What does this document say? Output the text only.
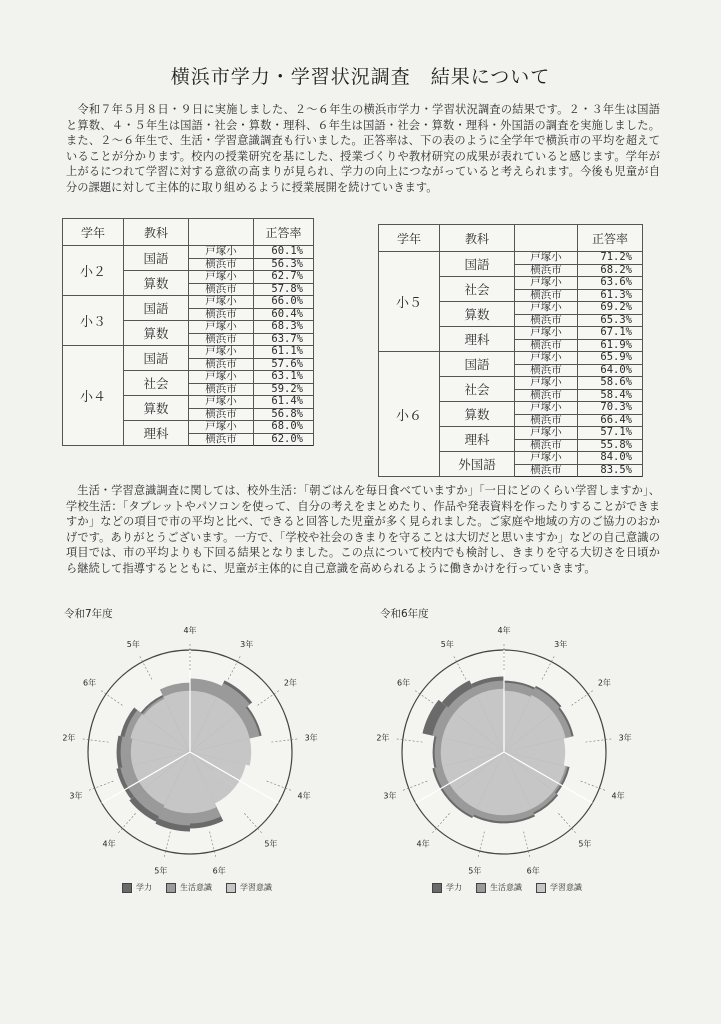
横浜市学力・学習状況調査　結果について
　令和７年５月８日・９日に実施しました、２～６年生の横浜市学力・学習状況調査の結果です。２・３年生は国語と算数、４・５年生は国語・社会・算数・理科、６年生は国語・社会・算数・理科・外国語の調査を実施しました。また、２～６年生で、生活・学習意識調査も行いました。正答率は、下の表のように全学年で横浜市の平均を超えていることが分かります。校内の授業研究を基にした、授業づくりや教材研究の成果が表れていると感じます。学年が上がるにつれて学習に対する意欲の高まりが見られ、学力の向上につながっていると考えられます。今後も児童が自分の課題に対して主体的に取り組めるように授業展開を続けていきます。
学年	教科		正答率
小２	国語	戸塚小	60.1%
		横浜市	56.3%
	算数	戸塚小	62.7%
		横浜市	57.8%
小３	国語	戸塚小	66.0%
		横浜市	60.4%
	算数	戸塚小	68.3%
		横浜市	63.7%
小４	国語	戸塚小	61.1%
		横浜市	57.6%
	社会	戸塚小	63.1%
		横浜市	59.2%
	算数	戸塚小	61.4%
		横浜市	56.8%
	理科	戸塚小	68.0%
		横浜市	62.0%
学年	教科		正答率
小５	国語	戸塚小	71.2%
		横浜市	68.2%
	社会	戸塚小	63.6%
		横浜市	61.3%
	算数	戸塚小	69.2%
		横浜市	65.3%
	理科	戸塚小	67.1%
		横浜市	61.9%
小６	国語	戸塚小	65.9%
		横浜市	64.0%
	社会	戸塚小	58.6%
		横浜市	58.4%
	算数	戸塚小	70.3%
		横浜市	66.4%
	理科	戸塚小	57.1%
		横浜市	55.8%
	外国語	戸塚小	84.0%
		横浜市	83.5%
　生活・学習意識調査に関しては、校外生活：「朝ごはんを毎日食べていますか」「一日にどのくらい学習しますか」、学校生活：「タブレットやパソコンを使って、自分の考えをまとめたり、作品や発表資料を作ったりすることができますか」などの項目で市の平均と比べ、できると回答した児童が多く見られました。ご家庭や地域の方のご協力のおかげです。ありがとうございます。一方で、「学校や社会のきまりを守ることは大切だと思いますか」などの自己意識の項目では、市の平均よりも下回る結果となりました。この点について校内でも検討し、きまりを守る大切さを日頃から継続して指導するとともに、児童が主体的に自己意識を高められるように働きかけを行っていきます。
令和7年度	令和6年度
4年
3年
2年
3年
4年
5年
6年
5年
4年
3年
2年
6年
5年
4年
3年
2年
3年
4年
5年
6年
5年
4年
3年
2年
6年
5年
学力	生活意識	学習意識	学力	生活意識	学習意識
